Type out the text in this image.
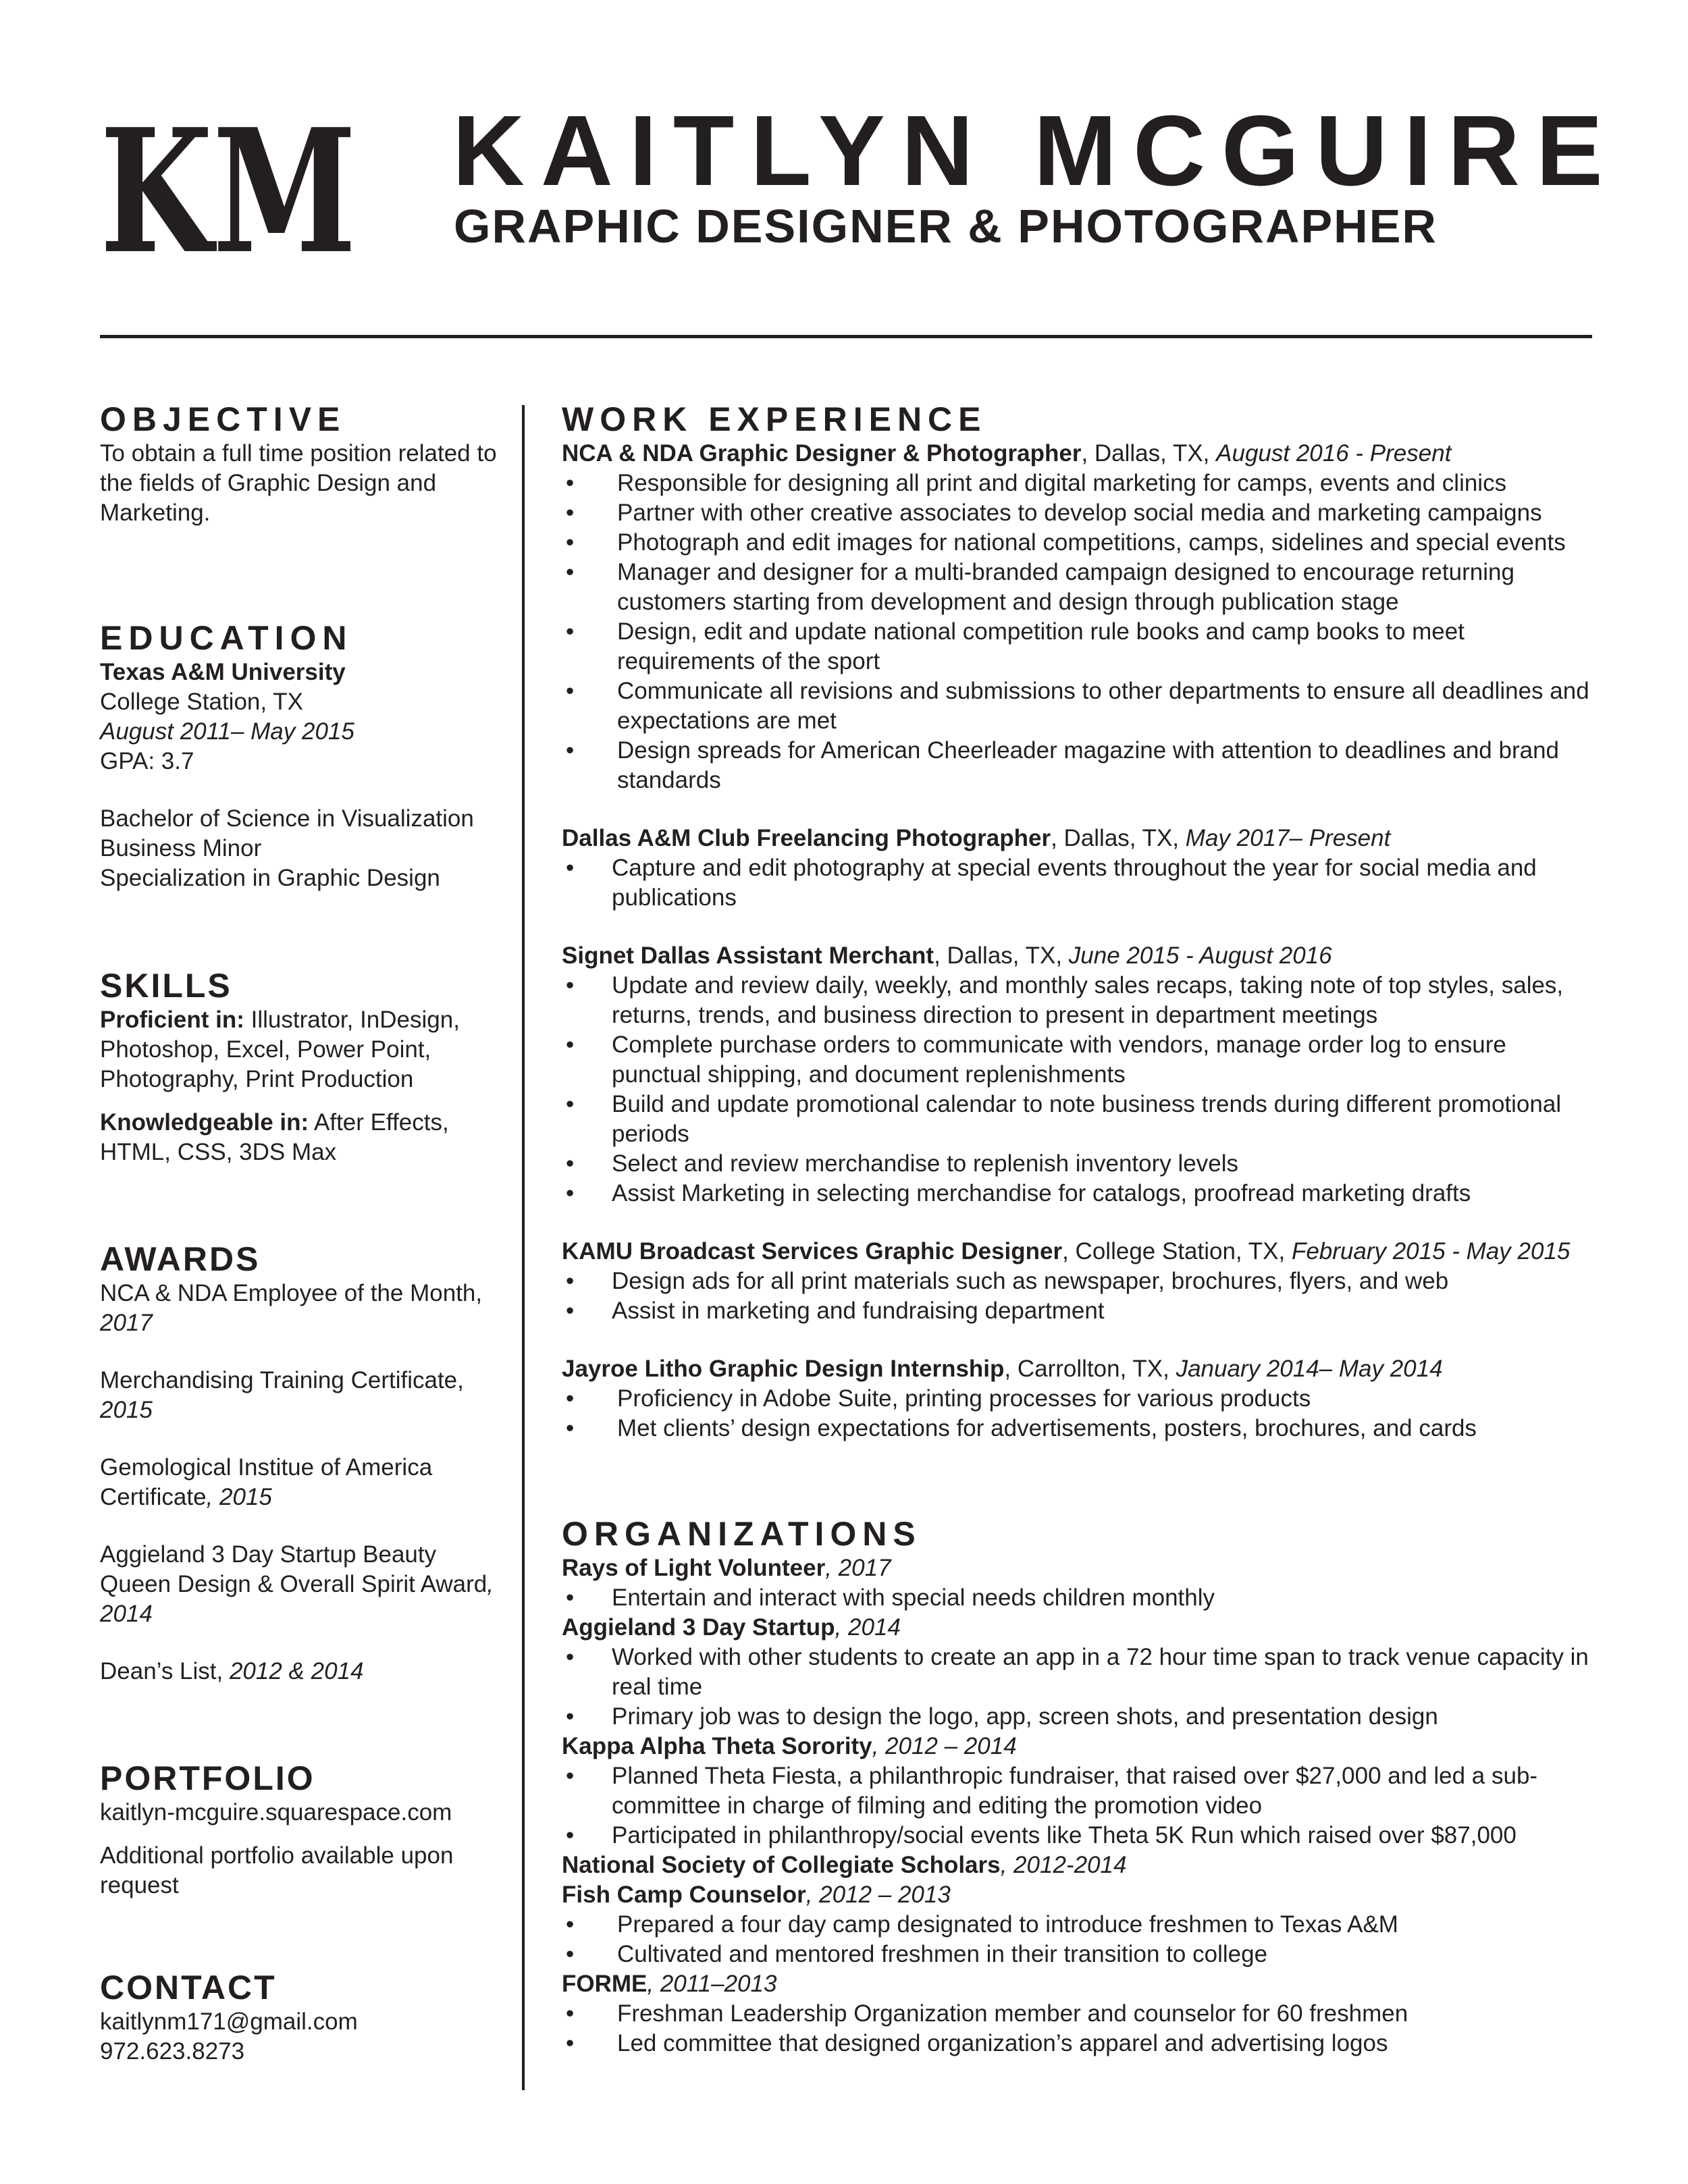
KM KAITLYN MCGUIRE
GRAPHIC DESIGNER & PHOTOGRAPHER
OBJECTIVE

To obtain a full time position related to the fields of Graphic Design and Marketing.

EDUCATION
Texas A&M University
College Station, TX
August 2011– May 2015
GPA: 3.7
Bachelor of Science in Visualization
Business Minor
Specialization in Graphic Design
SKILLS

Proficient in: Illustrator, InDesign, Photoshop, Excel, Power Point, Photography, Print Production

Knowledgeable in: After Effects, HTML, CSS, 3DS Max

AWARDS

NCA & NDA Employee of the Month, 2017

Merchandising Training Certificate, 2015

Gemological Institue of America Certificate, 2015

Aggieland 3 Day Startup Beauty Queen Design & Overall Spirit Award, 2014

Dean’s List, 2012 & 2014

PORTFOLIO
kaitlyn-mcguire.squarespace.com

Additional portfolio available upon request

CONTACT
kaitlynm171@gmail.com
972.623.8273
WORK EXPERIENCE

NCA & NDA Graphic Designer & Photographer, Dallas, TX, August 2016 - Present

• Responsible for designing all print and digital marketing for camps, events and clinics
• Partner with other creative associates to develop social media and marketing campaigns
• Photograph and edit images for national competitions, camps, sidelines and special events
• Manager and designer for a multi-branded campaign designed to encourage returning customers starting from development and design through publication stage
• Design, edit and update national competition rule books and camp books to meet requirements of the sport
• Communicate all revisions and submissions to other departments to ensure all deadlines and expectations are met
• Design spreads for American Cheerleader magazine with attention to deadlines and brand standards

Dallas A&M Club Freelancing Photographer, Dallas, TX, May 2017– Present

• Capture and edit photography at special events throughout the year for social media and publications

Signet Dallas Assistant Merchant, Dallas, TX, June 2015 - August 2016

• Update and review daily, weekly, and monthly sales recaps, taking note of top styles, sales, returns, trends, and business direction to present in department meetings
• Complete purchase orders to communicate with vendors, manage order log to ensure punctual shipping, and document replenishments
• Build and update promotional calendar to note business trends during different promotional periods
• Select and review merchandise to replenish inventory levels
• Assist Marketing in selecting merchandise for catalogs, proofread marketing drafts

KAMU Broadcast Services Graphic Designer, College Station, TX, February 2015 - May 2015

• Design ads for all print materials such as newspaper, brochures, flyers, and web
• Assist in marketing and fundraising department

Jayroe Litho Graphic Design Internship, Carrollton, TX, January 2014– May 2014

• Proficiency in Adobe Suite, printing processes for various products
• Met clients’ design expectations for advertisements, posters, brochures, and cards
ORGANIZATIONS

Rays of Light Volunteer, 2017

• Entertain and interact with special needs children monthly

Aggieland 3 Day Startup, 2014

• Worked with other students to create an app in a 72 hour time span to track venue capacity in real time
• Primary job was to design the logo, app, screen shots, and presentation design

Kappa Alpha Theta Sorority, 2012 – 2014

• Planned Theta Fiesta, a philanthropic fundraiser, that raised over $27,000 and led a sub-committee in charge of filming and editing the promotion video
• Participated in philanthropy/social events like Theta 5K Run which raised over $87,000

National Society of Collegiate Scholars, 2012-2014

Fish Camp Counselor, 2012 – 2013

• Prepared a four day camp designated to introduce freshmen to Texas A&M
• Cultivated and mentored freshmen in their transition to college

FORME, 2011–2013

• Freshman Leadership Organization member and counselor for 60 freshmen
• Led committee that designed organization’s apparel and advertising logos
